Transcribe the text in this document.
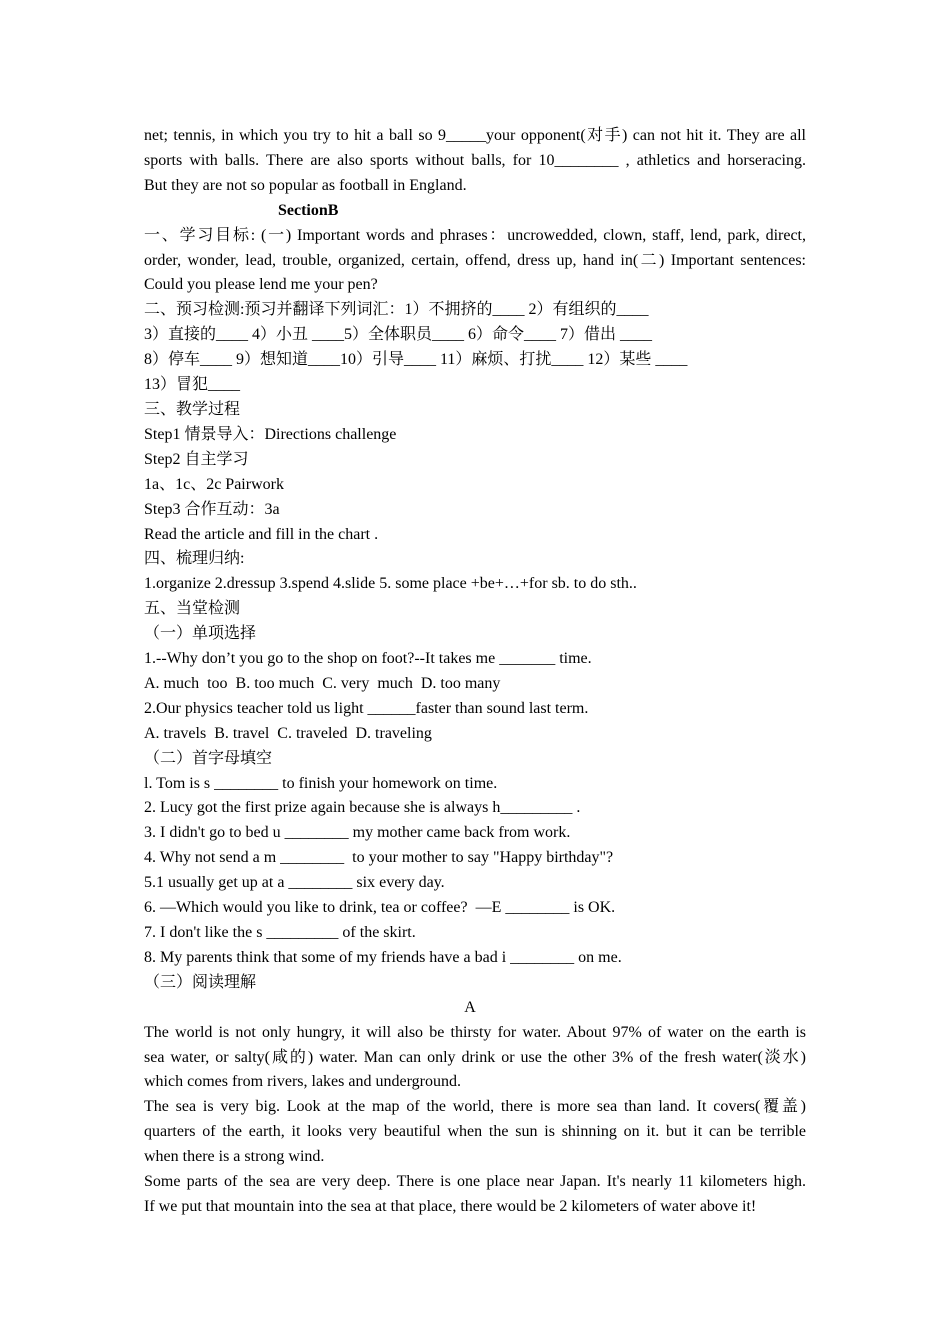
net; tennis, in which you try to hit a ball so 9_____your opponent(对手) can not hit it. They are all

sports with balls. There are also sports without balls, for 10________ , athletics and horseracing.

But they are not so popular as football in England.

SectionB

一、学习目标: (一) Important words and phrases：uncrowedded, clown, staff, lend, park, direct,

order, wonder, lead, trouble, organized, certain, offend, dress up, hand in(二) Important sentences:

Could you please lend me your pen?

二、预习检测:预习并翻译下列词汇：1）不拥挤的____ 2）有组织的____

3）直接的____ 4）小丑 ____5）全体职员____ 6）命令____ 7）借出 ____

8）停车____ 9）想知道____10）引导____ 11）麻烦、打扰____ 12）某些 ____

13）冒犯____

三、教学过程

Step1 情景导入：Directions challenge

Step2 自主学习

1a、1c、2c Pairwork

Step3 合作互动：3a

Read the article and fill in the chart .

四、梳理归纳:

1.organize 2.dressup 3.spend 4.slide 5. some place +be+…+for sb. to do sth..

五、当堂检测

（一）单项选择

1.--Why don’t you go to the shop on foot?--It takes me _______ time.

A. much  too  B. too much  C. very  much  D. too many

2.Our physics teacher told us light ______faster than sound last term.

A. travels  B. travel  C. traveled  D. traveling

（二）首字母填空

l. Tom is s ________ to finish your homework on time.

2. Lucy got the first prize again because she is always h_________ .

3. I didn't go to bed u ________ my mother came back from work.

4. Why not send a m ________  to your mother to say "Happy birthday"?

5.1 usually get up at a ________ six every day.

6. —Which would you like to drink, tea or coffee?  —E ________ is OK.

7. I don't like the s _________ of the skirt.

8. My parents think that some of my friends have a bad i ________ on me.

（三）阅读理解

A

The world is not only hungry, it will also be thirsty for water. About 97% of water on the earth is

sea water, or salty(咸的) water. Man can only drink or use the other 3% of the fresh water(淡水)

which comes from rivers, lakes and underground.

The sea is very big. Look at the map of the world, there is more sea than land. It covers(覆盖)

quarters of the earth, it looks very beautiful when the sun is shinning on it. but it can be terrible

when there is a strong wind.

Some parts of the sea are very deep. There is one place near Japan. It's nearly 11 kilometers high.

If we put that mountain into the sea at that place, there would be 2 kilometers of water above it!
